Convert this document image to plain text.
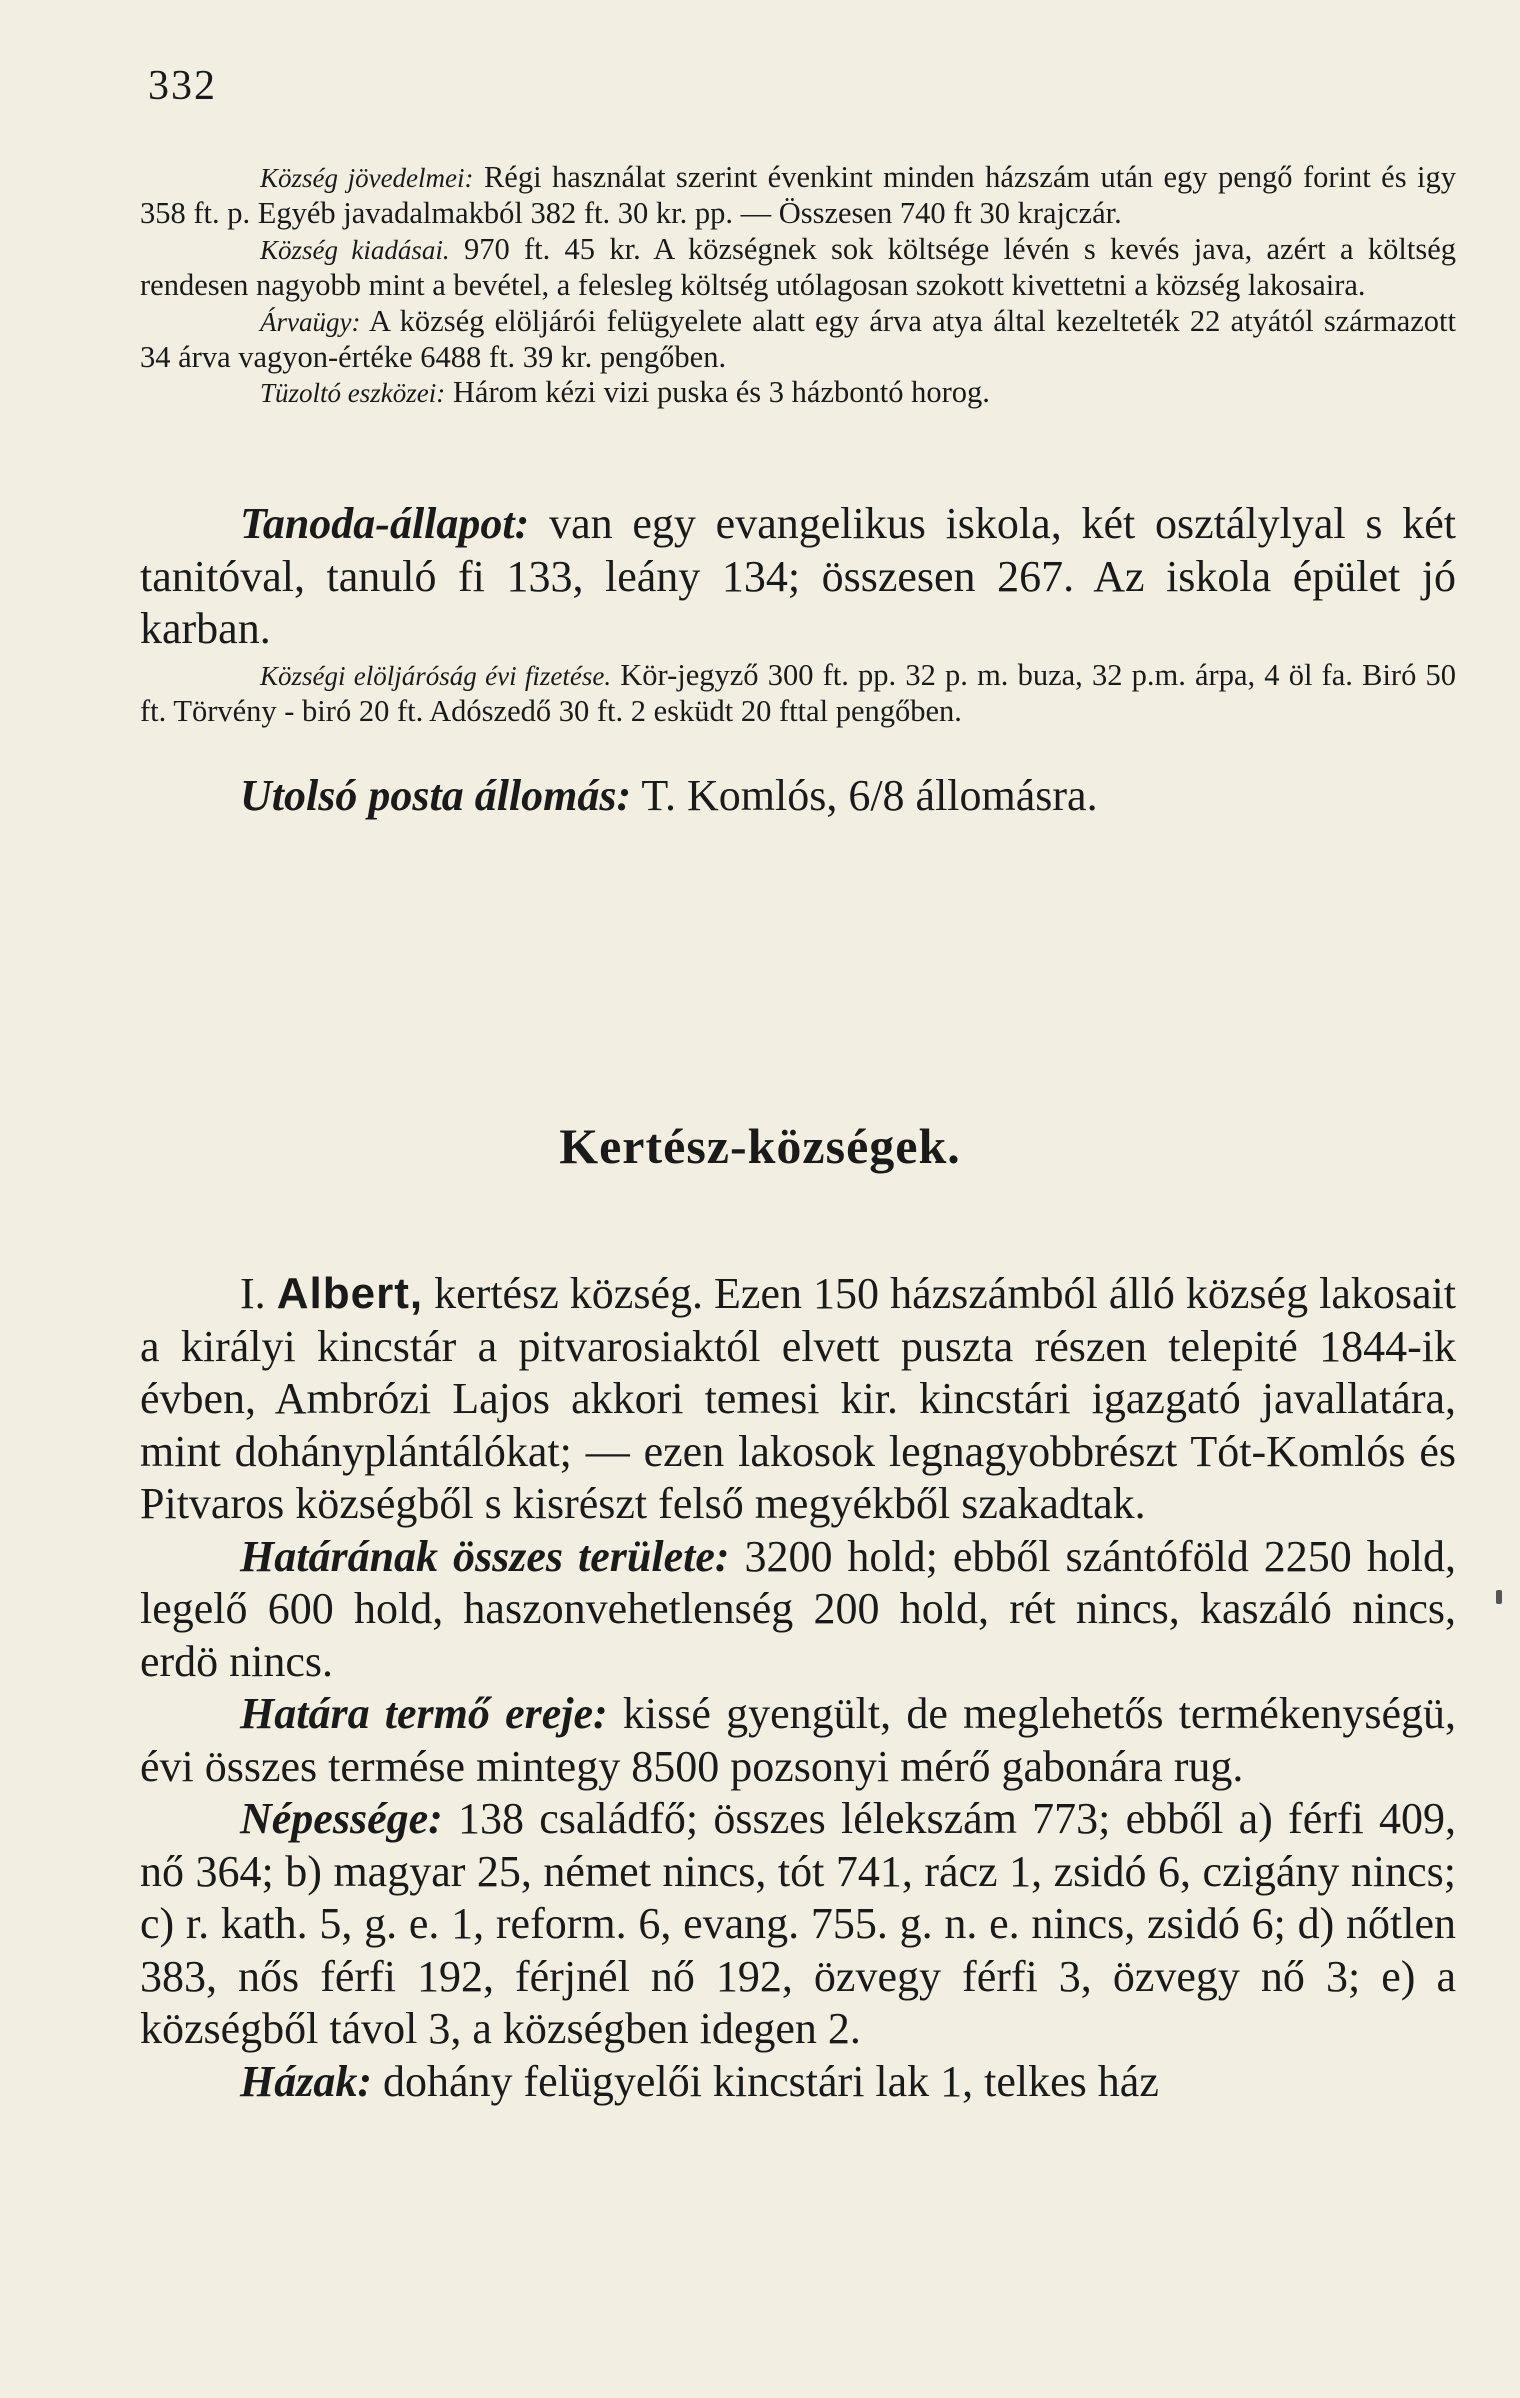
332

Község jövedelmei: Régi használat szerint évenkint minden házszám után egy pengő forint és igy 358 ft. p. Egyéb javadalmakból 382 ft. 30 kr. pp. — Összesen 740 ft 30 krajczár.

Község kiadásai. 970 ft. 45 kr. A községnek sok költsége lévén s kevés java, azért a költség rendesen nagyobb mint a bevétel, a felesleg költség utólagosan szokott kivettetni a község lakosaira.

Árvaügy: A község elöljárói felügyelete alatt egy árva atya által kezelteték 22 atyától származott 34 árva vagyon-értéke 6488 ft. 39 kr. pengőben.

Tüzoltó eszközei: Három kézi vizi puska és 3 házbontó horog.

Tanoda-állapot: van egy evangelikus iskola, két osztálylyal s két tanitóval, tanuló fi 133, leány 134; összesen 267. Az iskola épület jó karban.

Községi elöljáróság évi fizetése. Kör-jegyző 300 ft. pp. 32 p. m. buza, 32 p.m. árpa, 4 öl fa. Biró 50 ft. Törvény - biró 20 ft. Adószedő 30 ft. 2 esküdt 20 fttal pengőben.

Utolsó posta állomás: T. Komlós, 6/8 állomásra.

Kertész-községek.

I. Albert, kertész község. Ezen 150 házszámból álló község lakosait a királyi kincstár a pitvarosiaktól elvett puszta részen telepité 1844-ik évben, Ambrózi Lajos akkori temesi kir. kincstári igazgató javallatára, mint dohányplántálókat; — ezen lakosok legnagyobbrészt Tót-Komlós és Pitvaros községből s kisrészt felső megyékből szakadtak.

Határának összes területe: 3200 hold; ebből szántóföld 2250 hold, legelő 600 hold, haszonvehetlenség 200 hold, rét nincs, kaszáló nincs, erdö nincs.

Határa termő ereje: kissé gyengült, de meglehetős termékenységü, évi összes termése mintegy 8500 pozsonyi mérő gabonára rug.

Népessége: 138 családfő; összes lélekszám 773; ebből a) férfi 409, nő 364; b) magyar 25, német nincs, tót 741, rácz 1, zsidó 6, czigány nincs; c) r. kath. 5, g. e. 1, reform. 6, evang. 755. g. n. e. nincs, zsidó 6; d) nőtlen 383, nős férfi 192, férjnél nő 192, özvegy férfi 3, özvegy nő 3; e) a községből távol 3, a községben idegen 2.

Házak: dohány felügyelői kincstári lak 1, telkes ház
